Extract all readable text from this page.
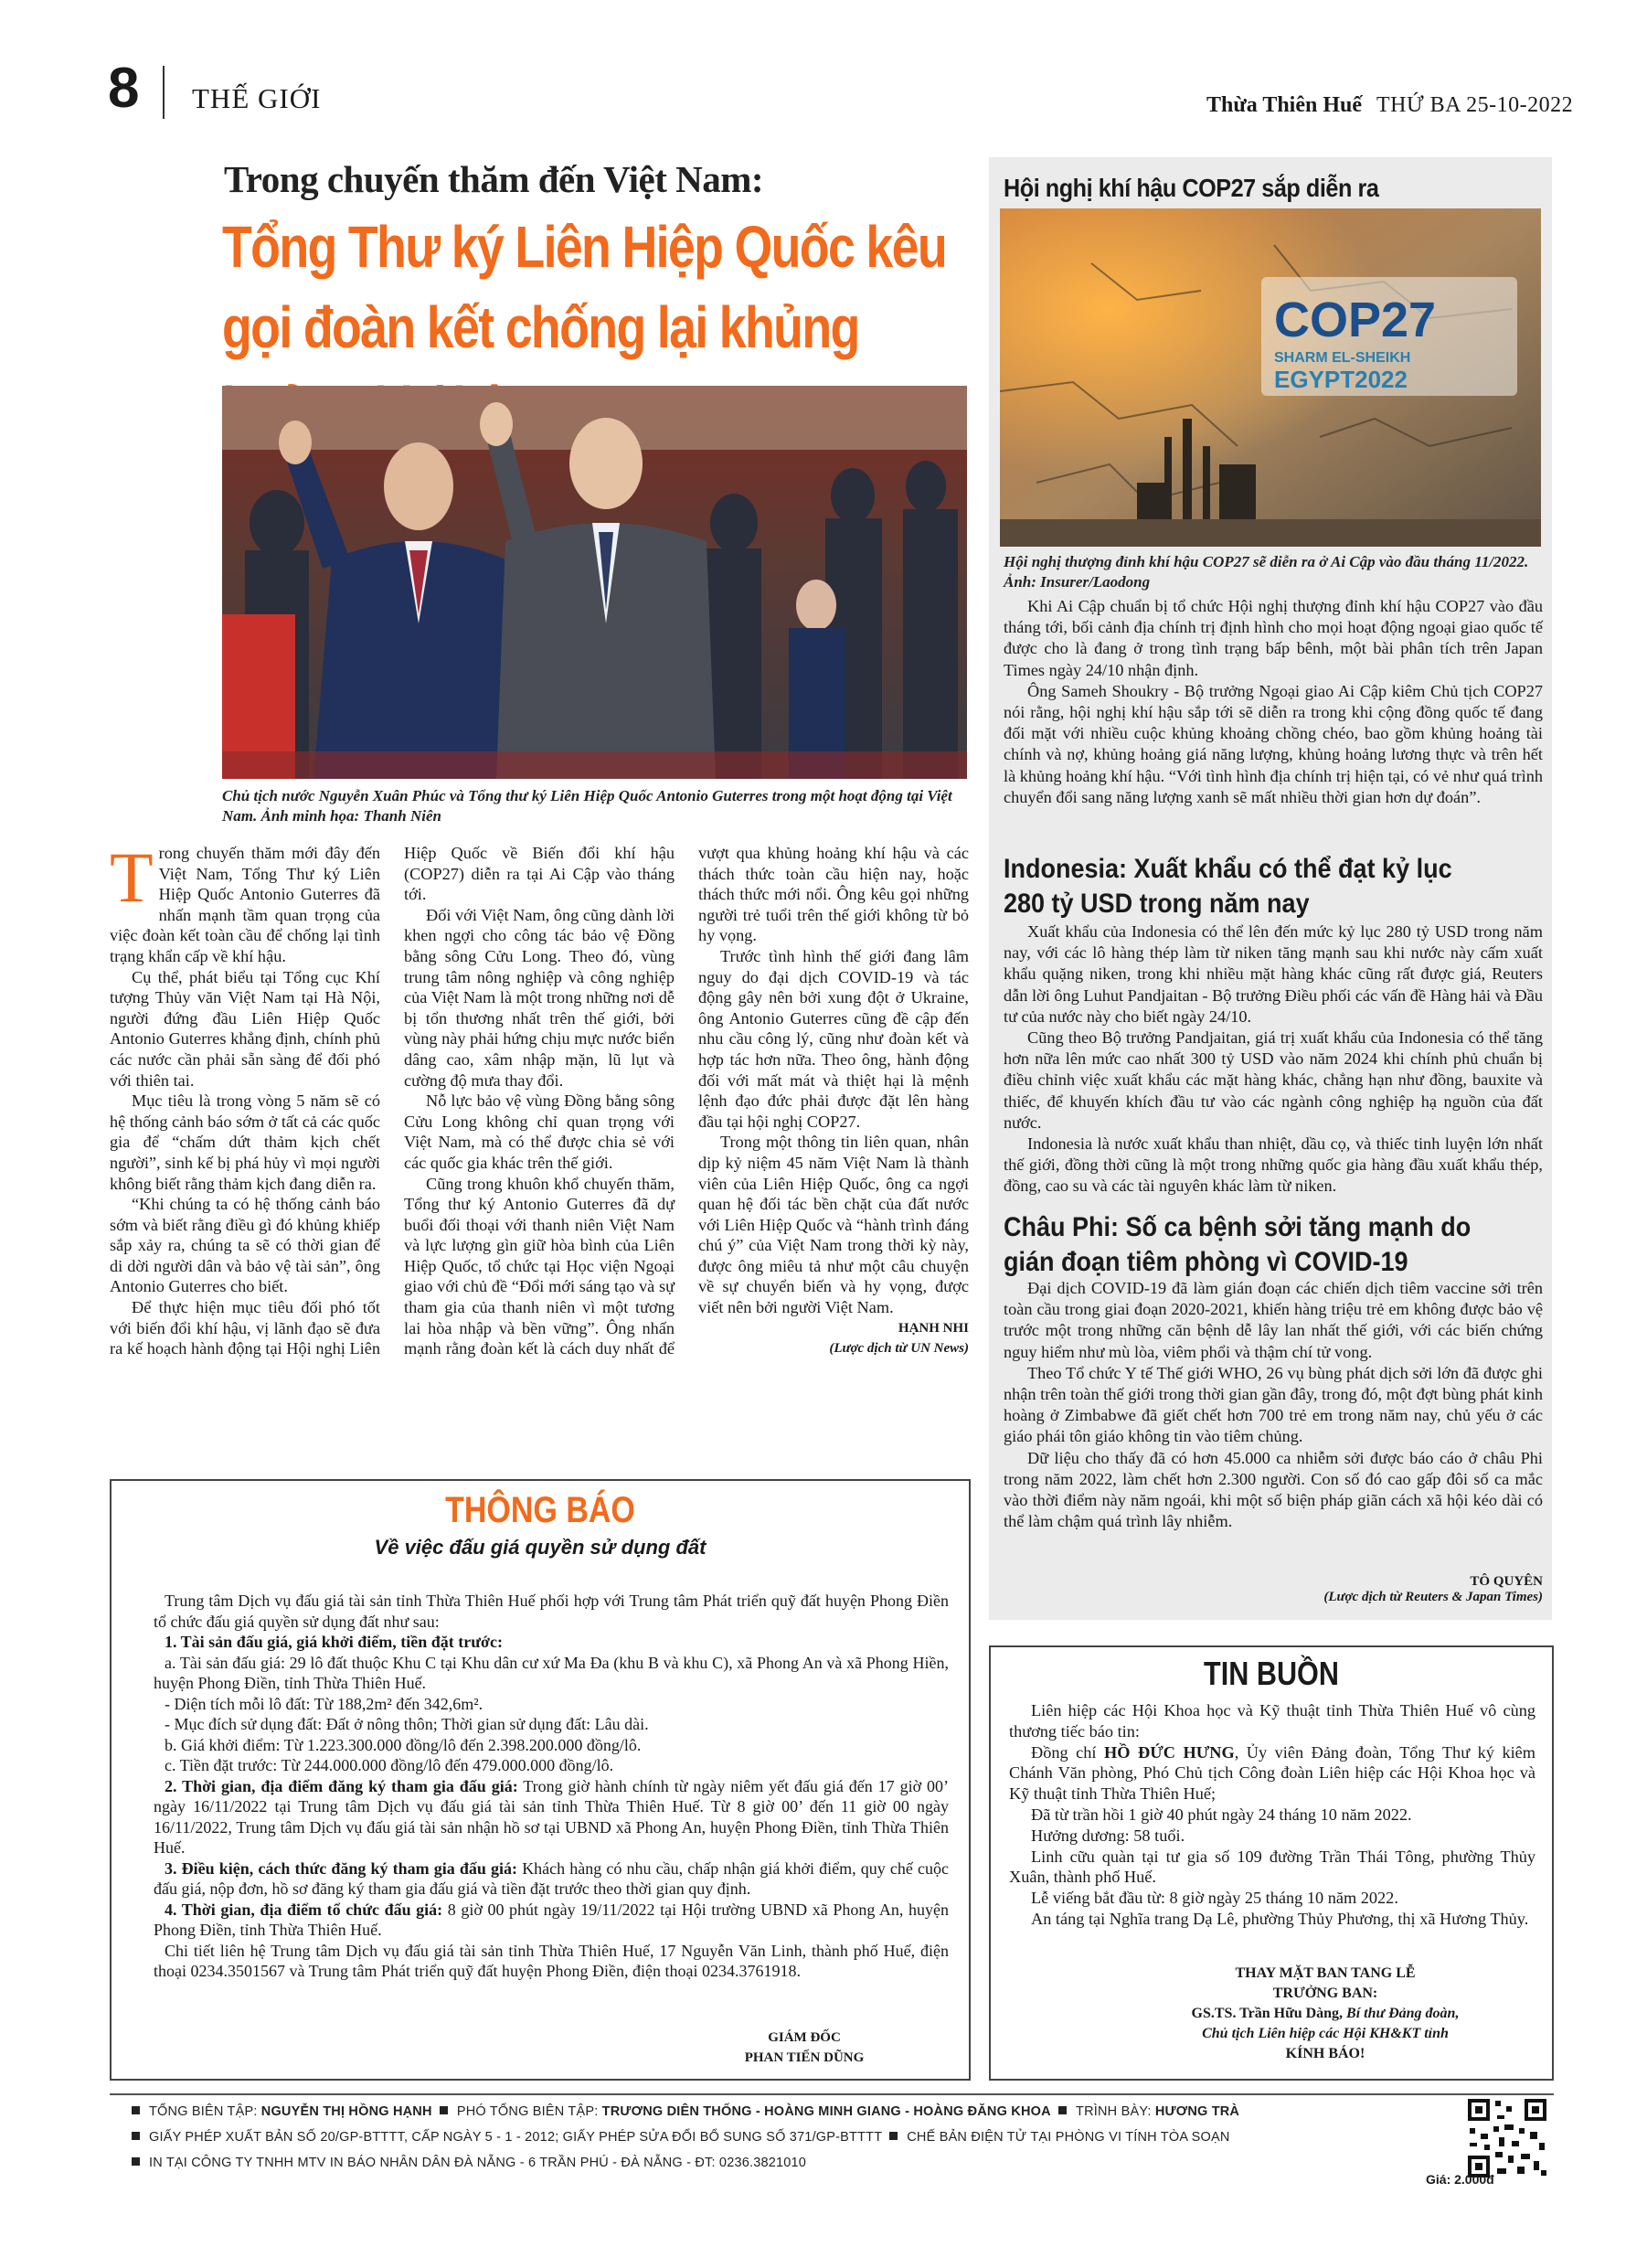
8 THẾ GIỚI	Thừa Thiên Huế THỨ BA 25-10-2022
Trong chuyến thăm đến Việt Nam:
Tổng Thư ký Liên Hiệp Quốc kêu gọi đoàn kết chống lại khủng
Chủ tịch nước Nguyễn Xuân Phúc và Tổng thư ký Liên Hiệp Quốc Antonio Guterres trong một hoạt động tại Việt Nam. Ảnh minh họa: Thanh Niên

Trong chuyến thăm mới đây đến Việt Nam, Tổng Thư ký Liên Hiệp Quốc Antonio Guterres đã nhấn mạnh tầm quan trọng của việc đoàn kết toàn cầu để chống lại tình trạng khẩn cấp về khí hậu.

Cụ thể, phát biểu tại Tổng cục Khí tượng Thủy văn Việt Nam tại Hà Nội, người đứng đầu Liên Hiệp Quốc Antonio Guterres khẳng định, chính phủ các nước cần phải sẵn sàng để đối phó với thiên tai.

Mục tiêu là trong vòng 5 năm sẽ có hệ thống cảnh báo sớm ở tất cả các quốc gia để “chấm dứt thảm kịch chết người”, sinh kế bị phá hủy vì mọi người không biết rằng thảm kịch đang diễn ra.

“Khi chúng ta có hệ thống cảnh báo sớm và biết rằng điều gì đó khủng khiếp sắp xảy ra, chúng ta sẽ có thời gian để di dời người dân và bảo vệ tài sản”, ông Antonio Guterres cho biết.

Để thực hiện mục tiêu đối phó tốt với biến đổi khí hậu, vị lãnh đạo sẽ đưa ra kế hoạch hành động tại Hội nghị Liên Hiệp Quốc về Biến đổi khí hậu (COP27) diễn ra tại Ai Cập vào tháng tới.

Đối với Việt Nam, ông cũng dành lời khen ngợi cho công tác bảo vệ Đồng bằng sông Cửu Long. Theo đó, vùng trung tâm nông nghiệp và công nghiệp của Việt Nam là một trong những nơi dễ bị tổn thương nhất trên thế giới, bởi vùng này phải hứng chịu mực nước biển dâng cao, xâm nhập mặn, lũ lụt và cường độ mưa thay đổi.

Nỗ lực bảo vệ vùng Đồng bằng sông Cửu Long không chỉ quan trọng với Việt Nam, mà có thể được chia sẻ với các quốc gia khác trên thế giới.

Cũng trong khuôn khổ chuyến thăm, Tổng thư ký Antonio Guterres đã dự buổi đối thoại với thanh niên Việt Nam và lực lượng gìn giữ hòa bình của Liên Hiệp Quốc, tổ chức tại Học viện Ngoại giao với chủ đề “Đổi mới sáng tạo và sự tham gia của thanh niên vì một tương lai hòa nhập và bền vững”. Ông nhấn mạnh rằng đoàn kết là cách duy nhất để vượt qua khủng hoảng khí hậu và các thách thức toàn cầu hiện nay, hoặc thách thức mới nổi. Ông kêu gọi những người trẻ tuổi trên thế giới không từ bỏ hy vọng.

Trước tình hình thế giới đang lâm nguy do đại dịch COVID-19 và tác động gây nên bởi xung đột ở Ukraine, ông Antonio Guterres cũng đề cập đến nhu cầu công lý, cũng như đoàn kết và hợp tác hơn nữa. Theo ông, hành động đối với mất mát và thiệt hại là mệnh lệnh đạo đức phải được đặt lên hàng đầu tại hội nghị COP27.

Trong một thông tin liên quan, nhân dịp kỷ niệm 45 năm Việt Nam là thành viên của Liên Hiệp Quốc, ông ca ngợi quan hệ đối tác bền chặt của đất nước với Liên Hiệp Quốc và “hành trình đáng chú ý” của Việt Nam trong thời kỳ này, được ông miêu tả như một câu chuyện về sự chuyển biến và hy vọng, được viết nên bởi người Việt Nam.

HẠNH NHI
(Lược dịch từ UN News)
Hội nghị khí hậu COP27 sắp diễn ra
COP27
SHARM EL-SHEIKH
EGYPT2022
Hội nghị thượng đỉnh khí hậu COP27 sẽ diễn ra ở Ai Cập vào đầu tháng 11/2022. Ảnh: Insurer/Laodong

Khi Ai Cập chuẩn bị tổ chức Hội nghị thượng đỉnh khí hậu COP27 vào đầu tháng tới, bối cảnh địa chính trị định hình cho mọi hoạt động ngoại giao quốc tế được cho là đang ở trong tình trạng bấp bênh, một bài phân tích trên Japan Times ngày 24/10 nhận định.

Ông Sameh Shoukry - Bộ trưởng Ngoại giao Ai Cập kiêm Chủ tịch COP27 nói rằng, hội nghị khí hậu sắp tới sẽ diễn ra trong khi cộng đồng quốc tế đang đối mặt với nhiều cuộc khủng khoảng chồng chéo, bao gồm khủng hoảng tài chính và nợ, khủng hoảng giá năng lượng, khủng hoảng lương thực và trên hết là khủng hoảng khí hậu. “Với tình hình địa chính trị hiện tại, có vẻ như quá trình chuyển đổi sang năng lượng xanh sẽ mất nhiều thời gian hơn dự đoán”.

Indonesia: Xuất khẩu có thể đạt kỷ lục 280 tỷ USD trong năm nay

Xuất khẩu của Indonesia có thể lên đến mức kỷ lục 280 tỷ USD trong năm nay, với các lô hàng thép làm từ niken tăng mạnh sau khi nước này cấm xuất khẩu quặng niken, trong khi nhiều mặt hàng khác cũng rất được giá, Reuters dẫn lời ông Luhut Pandjaitan - Bộ trưởng Điều phối các vấn đề Hàng hải và Đầu tư của nước này cho biết ngày 24/10.

Cũng theo Bộ trưởng Pandjaitan, giá trị xuất khẩu của Indonesia có thể tăng hơn nữa lên mức cao nhất 300 tỷ USD vào năm 2024 khi chính phủ chuẩn bị điều chỉnh việc xuất khẩu các mặt hàng khác, chẳng hạn như đồng, bauxite và thiếc, để khuyến khích đầu tư vào các ngành công nghiệp hạ nguồn của đất nước.

Indonesia là nước xuất khẩu than nhiệt, dầu cọ, và thiếc tinh luyện lớn nhất thế giới, đồng thời cũng là một trong những quốc gia hàng đầu xuất khẩu thép, đồng, cao su và các tài nguyên khác làm từ niken.

Châu Phi: Số ca bệnh sởi tăng mạnh do gián đoạn tiêm phòng vì COVID-19

Đại dịch COVID-19 đã làm gián đoạn các chiến dịch tiêm vaccine sởi trên toàn cầu trong giai đoạn 2020-2021, khiến hàng triệu trẻ em không được bảo vệ trước một trong những căn bệnh dễ lây lan nhất thế giới, với các biến chứng nguy hiểm như mù lòa, viêm phổi và thậm chí tử vong.

Theo Tổ chức Y tế Thế giới WHO, 26 vụ bùng phát dịch sởi lớn đã được ghi nhận trên toàn thế giới trong thời gian gần đây, trong đó, một đợt bùng phát kinh hoàng ở Zimbabwe đã giết chết hơn 700 trẻ em trong năm nay, chủ yếu ở các giáo phái tôn giáo không tin vào tiêm chủng.

Dữ liệu cho thấy đã có hơn 45.000 ca nhiễm sởi được báo cáo ở châu Phi trong năm 2022, làm chết hơn 2.300 người. Con số đó cao gấp đôi số ca mắc vào thời điểm này năm ngoái, khi một số biện pháp giãn cách xã hội kéo dài có thể làm chậm quá trình lây nhiễm.

TÔ QUYÊN
(Lược dịch từ Reuters & Japan Times)
THÔNG BÁO
Về việc đấu giá quyền sử dụng đất

Trung tâm Dịch vụ đấu giá tài sản tỉnh Thừa Thiên Huế phối hợp với Trung tâm Phát triển quỹ đất huyện Phong Điền tổ chức đấu giá quyền sử dụng đất như sau:

1. Tài sản đấu giá, giá khởi điểm, tiền đặt trước:

a. Tài sản đấu giá: 29 lô đất thuộc Khu C tại Khu dân cư xứ Ma Đa (khu B và khu C), xã Phong An và xã Phong Hiền, huyện Phong Điền, tỉnh Thừa Thiên Huế.

- Diện tích mỗi lô đất: Từ 188,2m² đến 342,6m².

- Mục đích sử dụng đất: Đất ở nông thôn; Thời gian sử dụng đất: Lâu dài.

b. Giá khởi điểm: Từ 1.223.300.000 đồng/lô đến 2.398.200.000 đồng/lô.

c. Tiền đặt trước: Từ 244.000.000 đồng/lô đến 479.000.000 đồng/lô.

2. Thời gian, địa điểm đăng ký tham gia đấu giá: Trong giờ hành chính từ ngày niêm yết đấu giá đến 17 giờ 00’ ngày 16/11/2022 tại Trung tâm Dịch vụ đấu giá tài sản tỉnh Thừa Thiên Huế. Từ 8 giờ 00’ đến 11 giờ 00 ngày 16/11/2022, Trung tâm Dịch vụ đấu giá tài sản nhận hồ sơ tại UBND xã Phong An, huyện Phong Điền, tỉnh Thừa Thiên Huế.

3. Điều kiện, cách thức đăng ký tham gia đấu giá: Khách hàng có nhu cầu, chấp nhận giá khởi điểm, quy chế cuộc đấu giá, nộp đơn, hồ sơ đăng ký tham gia đấu giá và tiền đặt trước theo thời gian quy định.

4. Thời gian, địa điểm tổ chức đấu giá: 8 giờ 00 phút ngày 19/11/2022 tại Hội trường UBND xã Phong An, huyện Phong Điền, tỉnh Thừa Thiên Huế.

Chi tiết liên hệ Trung tâm Dịch vụ đấu giá tài sản tỉnh Thừa Thiên Huế, 17 Nguyễn Văn Linh, thành phố Huế, điện thoại 0234.3501567 và Trung tâm Phát triển quỹ đất huyện Phong Điền, điện thoại 0234.3761918.

GIÁM ĐỐC
PHAN TIẾN DŨNG
TIN BUỒN

Liên hiệp các Hội Khoa học và Kỹ thuật tỉnh Thừa Thiên Huế vô cùng thương tiếc báo tin:

Đồng chí HỒ ĐỨC HƯNG, Ủy viên Đảng đoàn, Tổng Thư ký kiêm Chánh Văn phòng, Phó Chủ tịch Công đoàn Liên hiệp các Hội Khoa học và Kỹ thuật tỉnh Thừa Thiên Huế;

Đã từ trần hồi 1 giờ 40 phút ngày 24 tháng 10 năm 2022.

Hưởng dương: 58 tuổi.

Linh cữu quàn tại tư gia số 109 đường Trần Thái Tông, phường Thủy Xuân, thành phố Huế.

Lễ viếng bắt đầu từ: 8 giờ ngày 25 tháng 10 năm 2022.

An táng tại Nghĩa trang Dạ Lê, phường Thủy Phương, thị xã Hương Thủy.

THAY MẶT BAN TANG LỄ
TRƯỞNG BAN:
GS.TS. Trần Hữu Dàng, Bí thư Đảng đoàn,
Chủ tịch Liên hiệp các Hội KH&KT tỉnh
KÍNH BÁO!
TỔNG BIÊN TẬP: NGUYỄN THỊ HỒNG HẠNH PHÓ TỔNG BIÊN TẬP: TRƯƠNG DIÊN THỐNG - HOÀNG MINH GIANG - HOÀNG ĐĂNG KHOA TRÌNH BÀY: HƯƠNG TRÀ
GIẤY PHÉP XUẤT BẢN SỐ 20/GP-BTTTT, CẤP NGÀY 5 - 1 - 2012; GIẤY PHÉP SỬA ĐỔI BỔ SUNG SỐ 371/GP-BTTTT CHẾ BẢN ĐIỆN TỬ TẠI PHÒNG VI TÍNH TÒA SOẠN
IN TẠI CÔNG TY TNHH MTV IN BÁO NHÂN DÂN ĐÀ NẴNG - 6 TRẦN PHÚ - ĐÀ NẴNG - ĐT: 0236.3821010
Giá: 2.000đ
